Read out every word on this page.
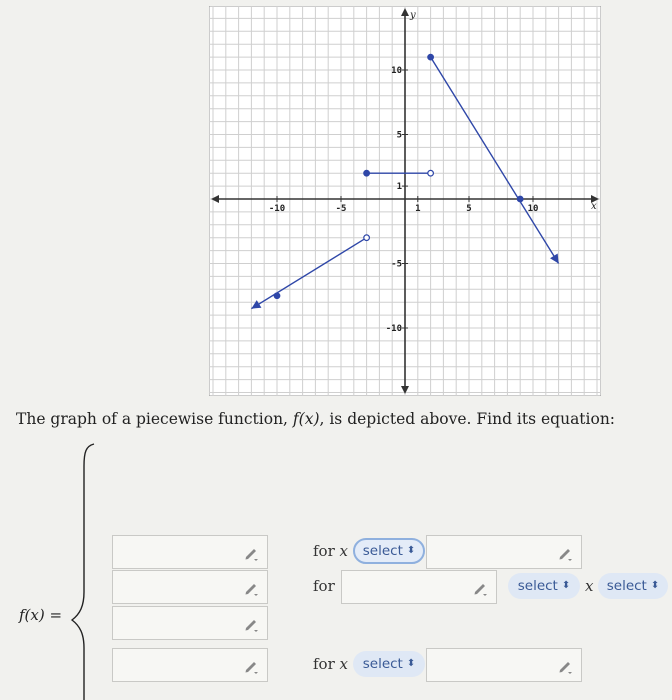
x
y
-10	-5	1	5	10
10
5
1
-5
-10
The graph of a piecewise function, f(x), is depicted above. Find its equation:
f(x) =
for x select ⬍
for	select ⬍ x select ⬍
for x select ⬍
